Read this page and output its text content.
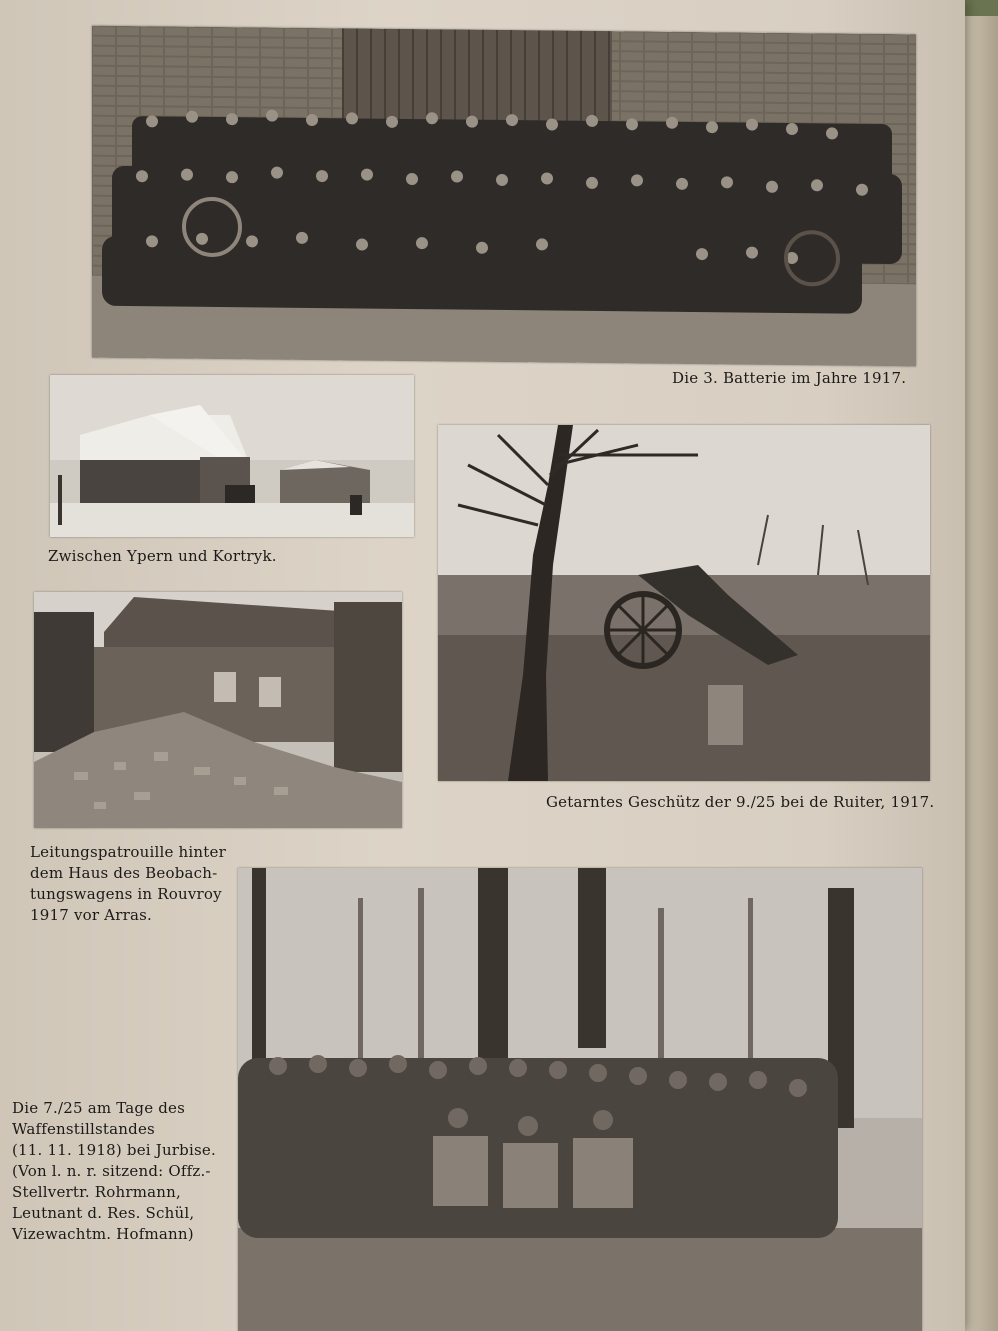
Die 3. Batterie im Jahre 1917.
Zwischen Ypern und Kortryk.
Leitungspatrouille hinter
dem Haus des Beobach-
tungswagens in Rouvroy
1917 vor Arras.
Getarntes Geschütz der 9./25 bei de Ruiter, 1917.
Die 7./25 am Tage des
Waffenstillstandes
(11. 11. 1918) bei Jurbise.
(Von l. n. r. sitzend: Offz.-
Stellvertr. Rohrmann,
Leutnant d. Res. Schül,
Vizewachtm. Hofmann)
